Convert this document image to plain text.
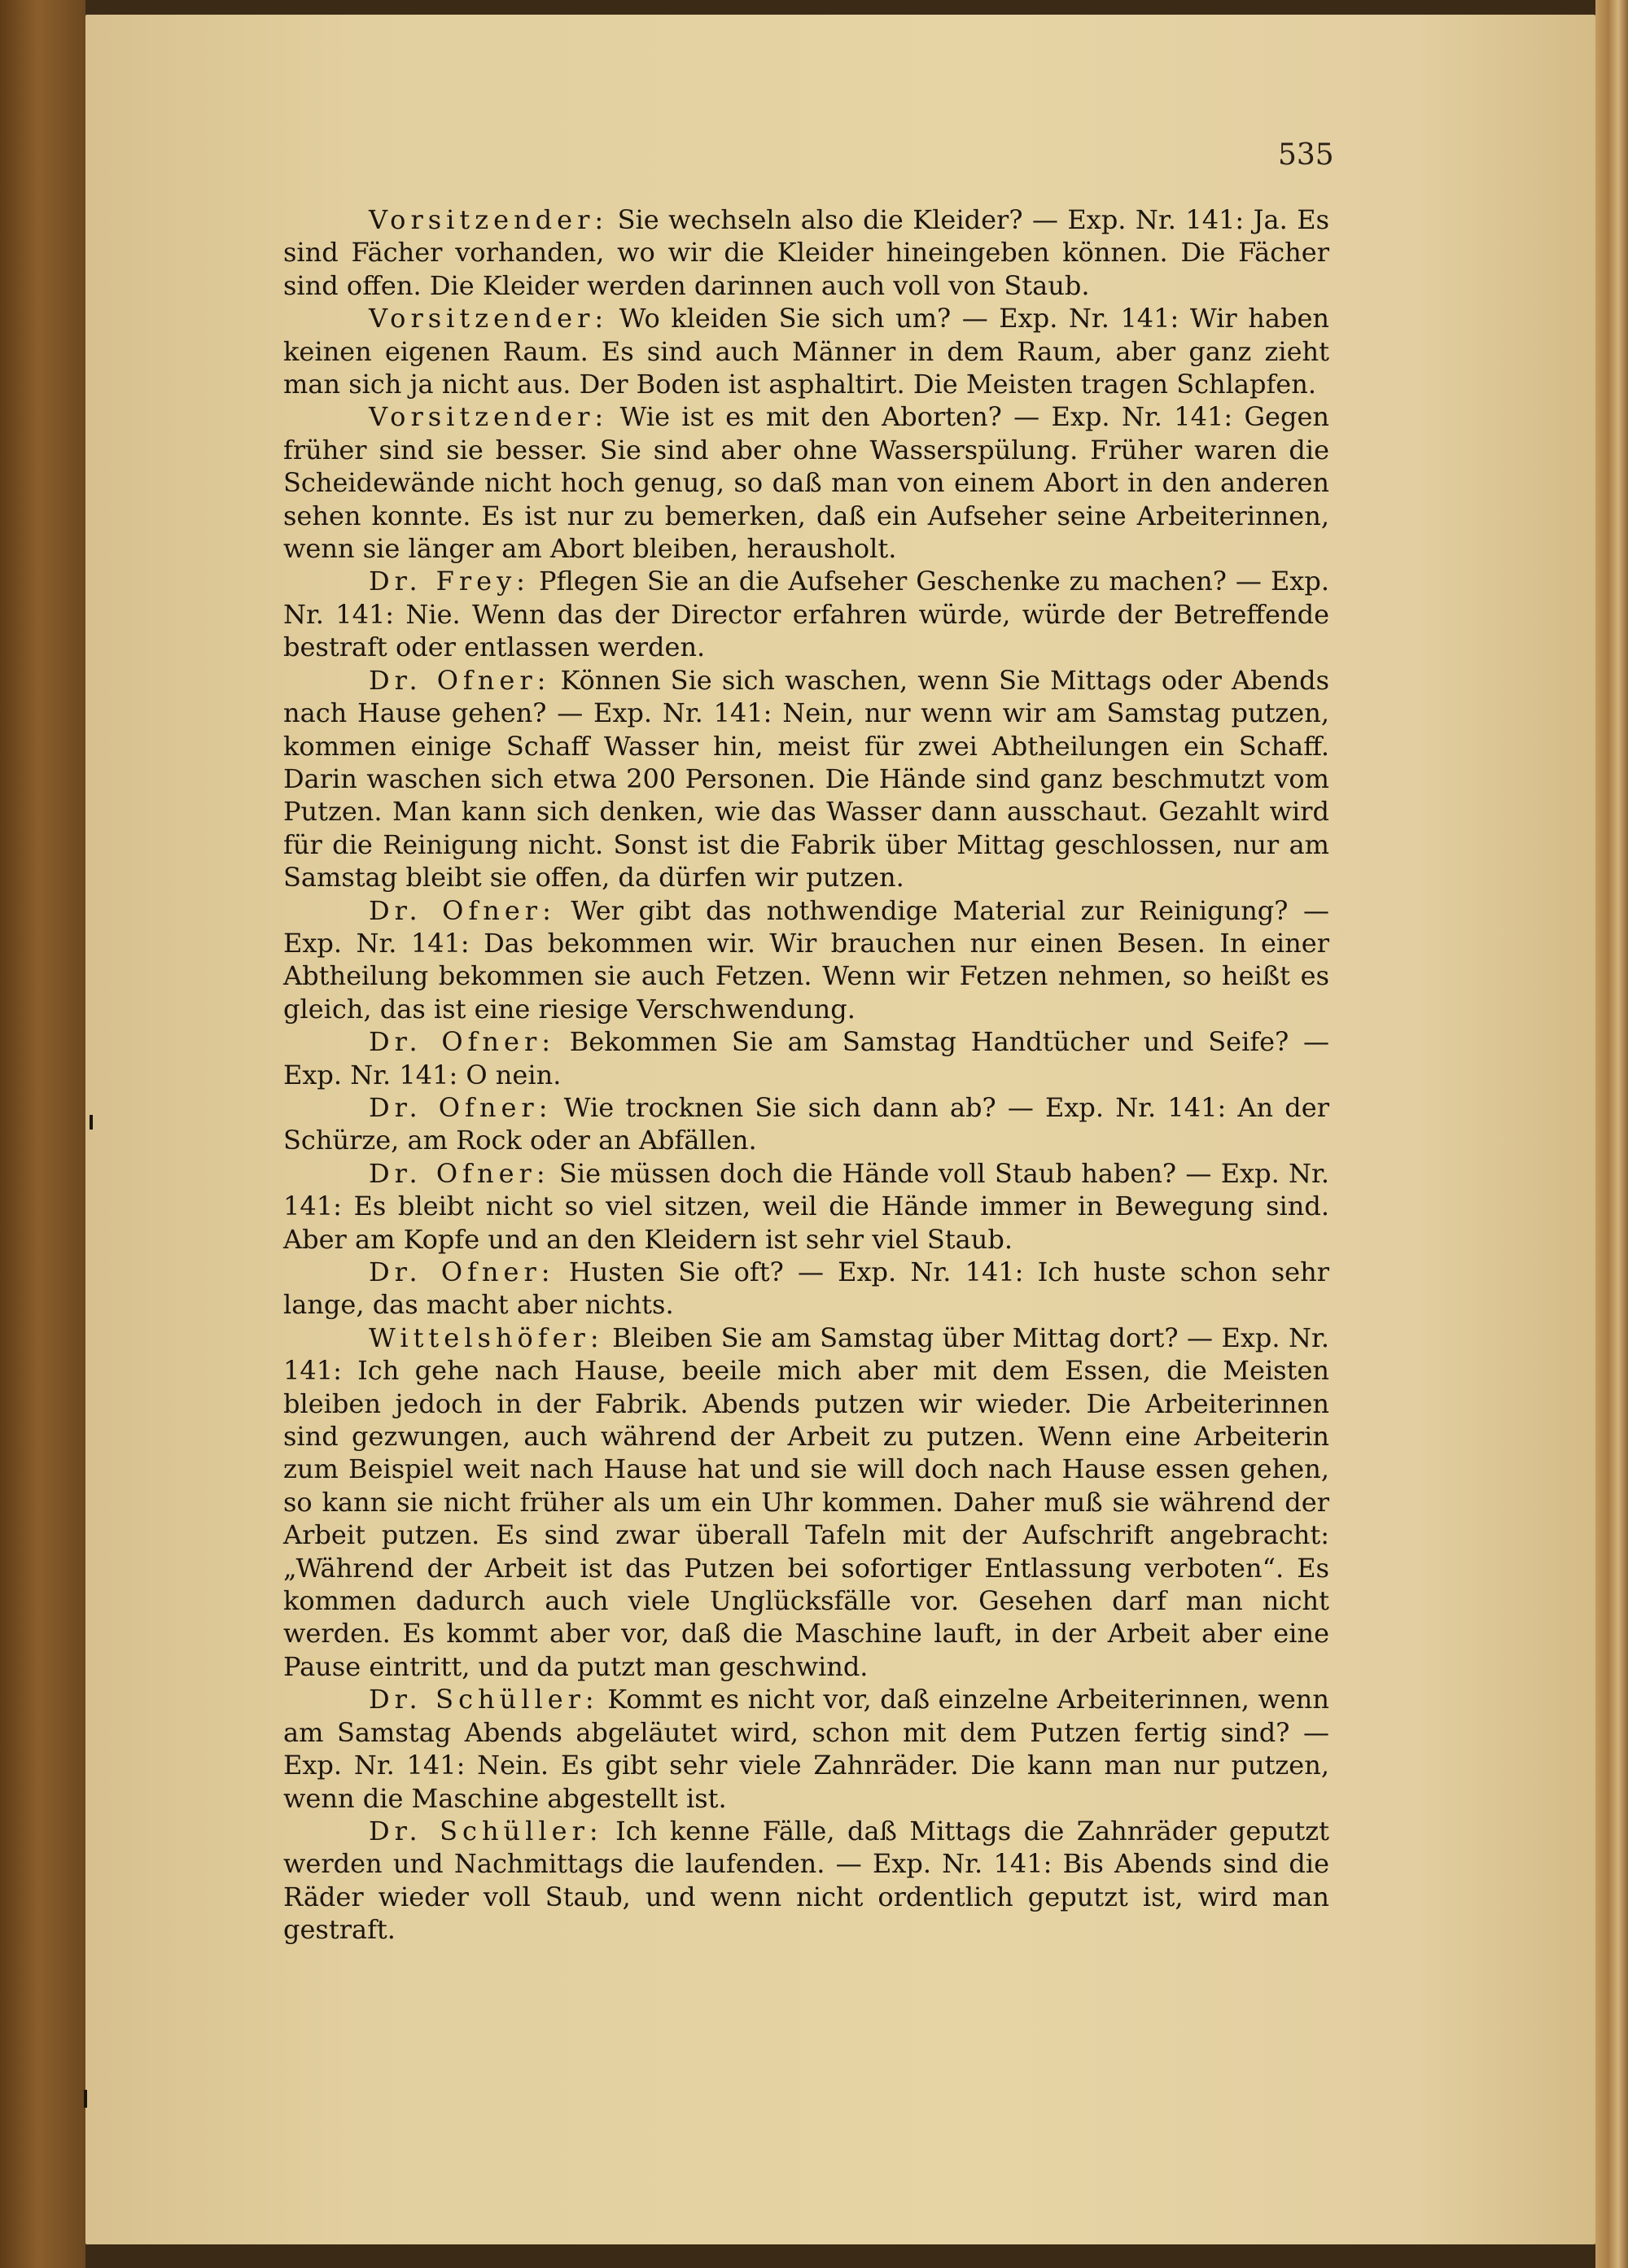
535

Vorsitzender: Sie wechseln also die Kleider? — Exp. Nr. 141: Ja. Es sind Fächer vorhanden, wo wir die Kleider hineingeben können. Die Fächer sind offen. Die Kleider werden darinnen auch voll von Staub.

Vorsitzender: Wo kleiden Sie sich um? — Exp. Nr. 141: Wir haben keinen eigenen Raum. Es sind auch Männer in dem Raum, aber ganz zieht man sich ja nicht aus. Der Boden ist asphaltirt. Die Meisten tragen Schlapfen.

Vorsitzender: Wie ist es mit den Aborten? — Exp. Nr. 141: Gegen früher sind sie besser. Sie sind aber ohne Wasserspülung. Früher waren die Scheidewände nicht hoch genug, so daß man von einem Abort in den anderen sehen konnte. Es ist nur zu bemerken, daß ein Aufseher seine Arbeiterinnen, wenn sie länger am Abort bleiben, herausholt.

Dr. Frey: Pflegen Sie an die Aufseher Geschenke zu machen? — Exp. Nr. 141: Nie. Wenn das der Director erfahren würde, würde der Betreffende bestraft oder entlassen werden.

Dr. Ofner: Können Sie sich waschen, wenn Sie Mittags oder Abends nach Hause gehen? — Exp. Nr. 141: Nein, nur wenn wir am Samstag putzen, kommen einige Schaff Wasser hin, meist für zwei Abtheilungen ein Schaff. Darin waschen sich etwa 200 Personen. Die Hände sind ganz beschmutzt vom Putzen. Man kann sich denken, wie das Wasser dann ausschaut. Gezahlt wird für die Reinigung nicht. Sonst ist die Fabrik über Mittag geschlossen, nur am Samstag bleibt sie offen, da dürfen wir putzen.

Dr. Ofner: Wer gibt das nothwendige Material zur Reinigung? — Exp. Nr. 141: Das bekommen wir. Wir brauchen nur einen Besen. In einer Abtheilung bekommen sie auch Fetzen. Wenn wir Fetzen nehmen, so heißt es gleich, das ist eine riesige Verschwendung.

Dr. Ofner: Bekommen Sie am Samstag Handtücher und Seife? — Exp. Nr. 141: O nein.

Dr. Ofner: Wie trocknen Sie sich dann ab? — Exp. Nr. 141: An der Schürze, am Rock oder an Abfällen.

Dr. Ofner: Sie müssen doch die Hände voll Staub haben? — Exp. Nr. 141: Es bleibt nicht so viel sitzen, weil die Hände immer in Bewegung sind. Aber am Kopfe und an den Kleidern ist sehr viel Staub.

Dr. Ofner: Husten Sie oft? — Exp. Nr. 141: Ich huste schon sehr lange, das macht aber nichts.

Wittelshöfer: Bleiben Sie am Samstag über Mittag dort? — Exp. Nr. 141: Ich gehe nach Hause, beeile mich aber mit dem Essen, die Meisten bleiben jedoch in der Fabrik. Abends putzen wir wieder. Die Arbeiterinnen sind gezwungen, auch während der Arbeit zu putzen. Wenn eine Arbeiterin zum Beispiel weit nach Hause hat und sie will doch nach Hause essen gehen, so kann sie nicht früher als um ein Uhr kommen. Daher muß sie während der Arbeit putzen. Es sind zwar überall Tafeln mit der Aufschrift angebracht: „Während der Arbeit ist das Putzen bei sofortiger Entlassung verboten“. Es kommen dadurch auch viele Unglücksfälle vor. Gesehen darf man nicht werden. Es kommt aber vor, daß die Maschine lauft, in der Arbeit aber eine Pause eintritt, und da putzt man geschwind.

Dr. Schüller: Kommt es nicht vor, daß einzelne Arbeiterinnen, wenn am Samstag Abends abgeläutet wird, schon mit dem Putzen fertig sind? — Exp. Nr. 141: Nein. Es gibt sehr viele Zahnräder. Die kann man nur putzen, wenn die Maschine abgestellt ist.

Dr. Schüller: Ich kenne Fälle, daß Mittags die Zahnräder geputzt werden und Nachmittags die laufenden. — Exp. Nr. 141: Bis Abends sind die Räder wieder voll Staub, und wenn nicht ordentlich geputzt ist, wird man gestraft.
